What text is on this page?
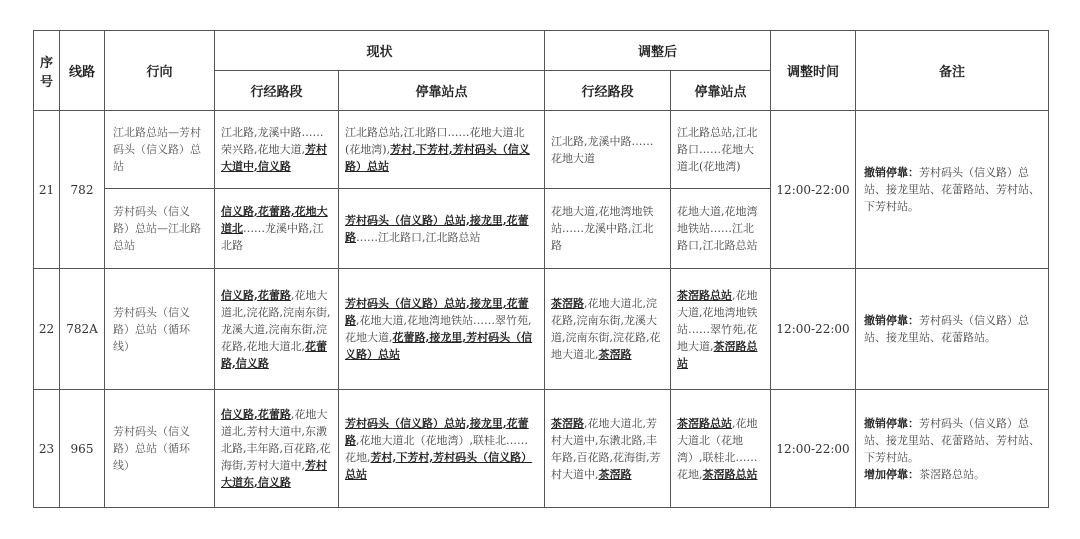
序号	线路	行向	现状		调整后		调整时间	备注
			行经路段	停靠站点	行经路段	停靠站点		
21	782	江北路总站—芳村码头（信义路）总站	江北路,龙溪中路……荣兴路,花地大道,芳村大道中,信义路	江北路总站,江北路口……花地大道北(花地湾),芳村,下芳村,芳村码头（信义路）总站	江北路,龙溪中路……花地大道	江北路总站,江北路口……花地大道北(花地湾)	12:00-22:00	撤销停靠：芳村码头（信义路）总站、接龙里站、花蕾路站、芳村站、下芳村站。
		芳村码头（信义路）总站—江北路总站	信义路,花蕾路,花地大道北……龙溪中路,江北路	芳村码头（信义路）总站,接龙里,花蕾路……江北路口,江北路总站	花地大道,花地湾地铁站……龙溪中路,江北路	花地大道,花地湾地铁站……江北路口,江北路总站		
22	782A	芳村码头（信义路）总站（循环线）	信义路,花蕾路,花地大道北,浣花路,浣南东街,龙溪大道,浣南东街,浣花路,花地大道北,花蕾路,信义路	芳村码头（信义路）总站,接龙里,花蕾路,花地大道,花地湾地铁站……翠竹苑,花地大道,花蕾路,接龙里,芳村码头（信义路）总站	茶滘路,花地大道北,浣花路,浣南东街,龙溪大道,浣南东街,浣花路,花地大道北,茶滘路	茶滘路总站,花地大道,花地湾地铁站……翠竹苑,花地大道,茶滘路总站	12:00-22:00	撤销停靠：芳村码头（信义路）总站、接龙里站、花蕾路站。
23	965	芳村码头（信义路）总站（循环线）	信义路,花蕾路,花地大道北,芳村大道中,东漖北路,丰年路,百花路,花海街,芳村大道中,芳村大道东,信义路	芳村码头（信义路）总站,接龙里,花蕾路,花地大道北（花地湾）,联桂北……花地,芳村,下芳村,芳村码头（信义路）总站	茶滘路,花地大道北,芳村大道中,东漖北路,丰年路,百花路,花海街,芳村大道中,茶滘路	茶滘路总站,花地大道北（花地湾）,联桂北……花地,茶滘路总站	12:00-22:00	撤销停靠：芳村码头（信义路）总站、接龙里站、花蕾路站、芳村站、下芳村站。
增加停靠：茶滘路总站。
